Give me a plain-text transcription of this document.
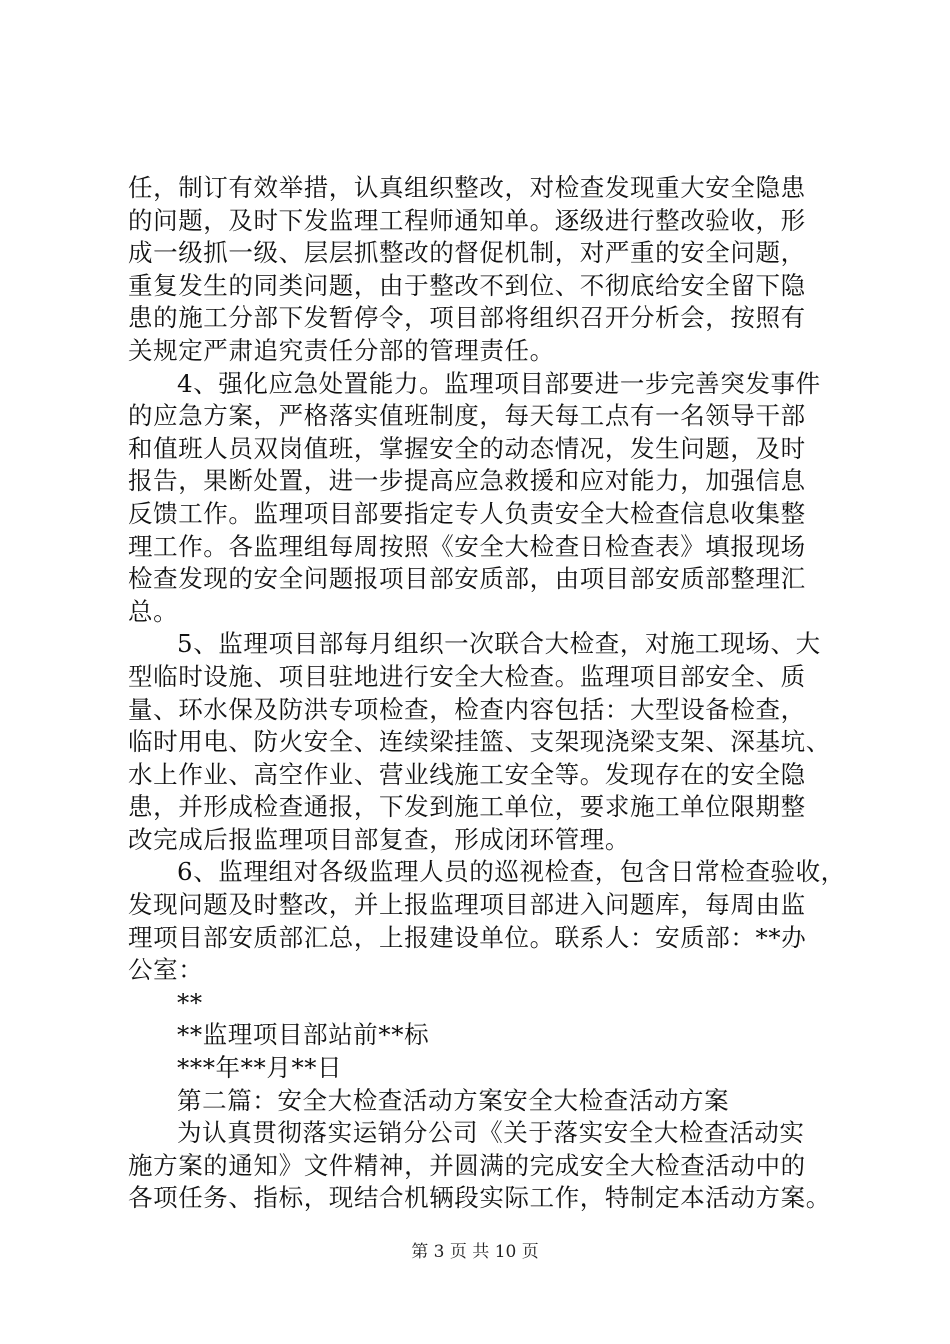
任，制订有效举措，认真组织整改，对检查发现重大安全隐患
的问题，及时下发监理工程师通知单。逐级进行整改验收，形
成一级抓一级、层层抓整改的督促机制，对严重的安全问题，
重复发生的同类问题，由于整改不到位、不彻底给安全留下隐
患的施工分部下发暂停令，项目部将组织召开分析会，按照有
关规定严肃追究责任分部的管理责任。
4、强化应急处置能力。监理项目部要进一步完善突发事件
的应急方案，严格落实值班制度，每天每工点有一名领导干部
和值班人员双岗值班，掌握安全的动态情况，发生问题，及时
报告，果断处置，进一步提高应急救援和应对能力，加强信息
反馈工作。监理项目部要指定专人负责安全大检查信息收集整
理工作。各监理组每周按照《安全大检查日检查表》填报现场
检查发现的安全问题报项目部安质部，由项目部安质部整理汇
总。
5、监理项目部每月组织一次联合大检查，对施工现场、大
型临时设施、项目驻地进行安全大检查。监理项目部安全、质
量、环水保及防洪专项检查，检查内容包括：大型设备检查，
临时用电、防火安全、连续梁挂篮、支架现浇梁支架、深基坑、
水上作业、高空作业、营业线施工安全等。发现存在的安全隐
患，并形成检查通报，下发到施工单位，要求施工单位限期整
改完成后报监理项目部复查，形成闭环管理。
6、监理组对各级监理人员的巡视检查，包含日常检查验收，
发现问题及时整改，并上报监理项目部进入问题库，每周由监
理项目部安质部汇总，上报建设单位。联系人：安质部：**办
公室：
**
**监理项目部站前**标
***年**月**日
第二篇：安全大检查活动方案安全大检查活动方案
为认真贯彻落实运销分公司《关于落实安全大检查活动实
施方案的通知》文件精神，并圆满的完成安全大检查活动中的
各项任务、指标，现结合机辆段实际工作，特制定本活动方案。
第 3 页 共 10 页
